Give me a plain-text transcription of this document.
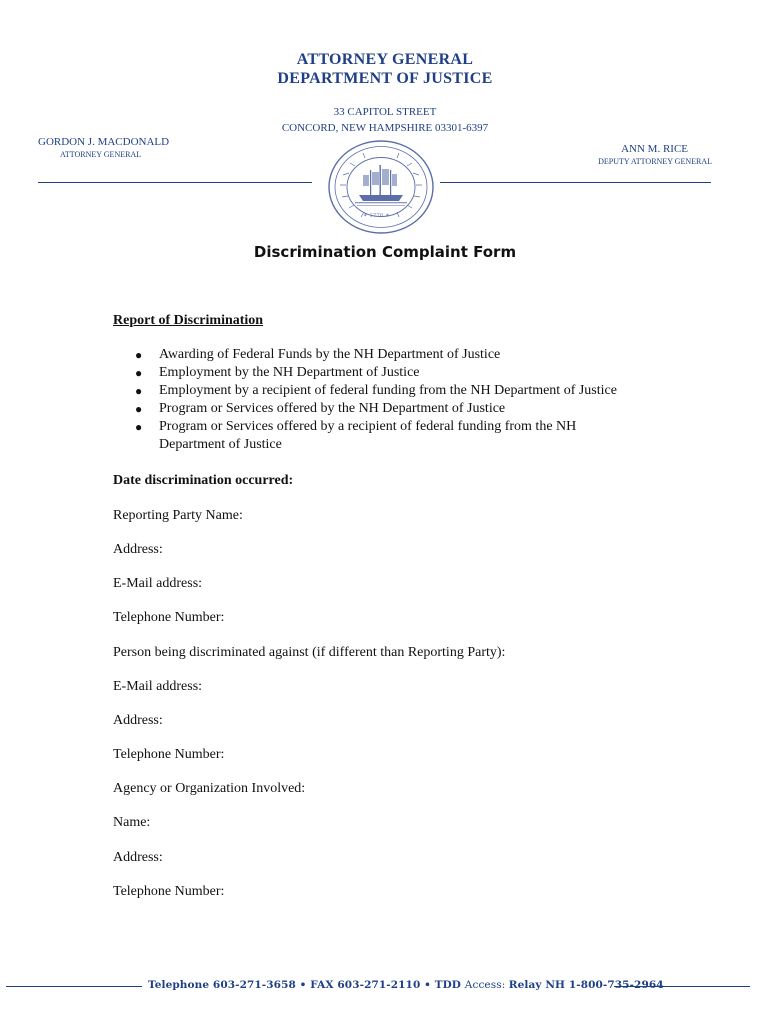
ATTORNEY GENERAL
DEPARTMENT OF JUSTICE
33 CAPITOL STREET
CONCORD, NEW HAMPSHIRE 03301-6397
GORDON J. MACDONALD
ATTORNEY GENERAL	ANN M. RICE
DEPUTY ATTORNEY GENERAL
✦ 1776 ✦
Discrimination Complaint Form
Report of Discrimination
● Awarding of Federal Funds by the NH Department of Justice
● Employment by the NH Department of Justice
● Employment by a recipient of federal funding from the NH Department of Justice
● Program or Services offered by the NH Department of Justice
● Program or Services offered by a recipient of federal funding from the NH Department of Justice
Date discrimination occurred:
Reporting Party Name:
Address:
E-Mail address:
Telephone Number:
Person being discriminated against (if different than Reporting Party):
E-Mail address:
Address:
Telephone Number:
Agency or Organization Involved:
Name:
Address:
Telephone Number:
Telephone 603-271-3658 • FAX 603-271-2110 • TDD Access: Relay NH 1-800-735-2964
